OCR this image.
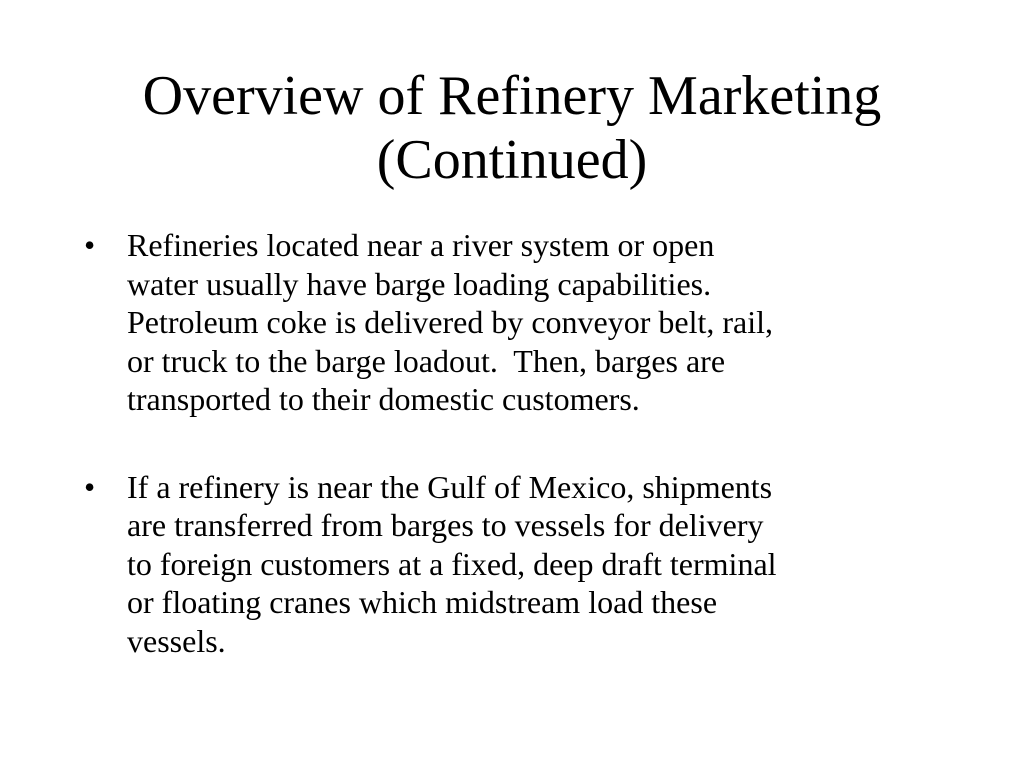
Overview of Refinery Marketing
(Continued)
• Refineries located near a river system or open
water usually have barge loading capabilities.
Petroleum coke is delivered by conveyor belt, rail,
or truck to the barge loadout.  Then, barges are
transported to their domestic customers.
• If a refinery is near the Gulf of Mexico, shipments
are transferred from barges to vessels for delivery
to foreign customers at a fixed, deep draft terminal
or floating cranes which midstream load these
vessels.
